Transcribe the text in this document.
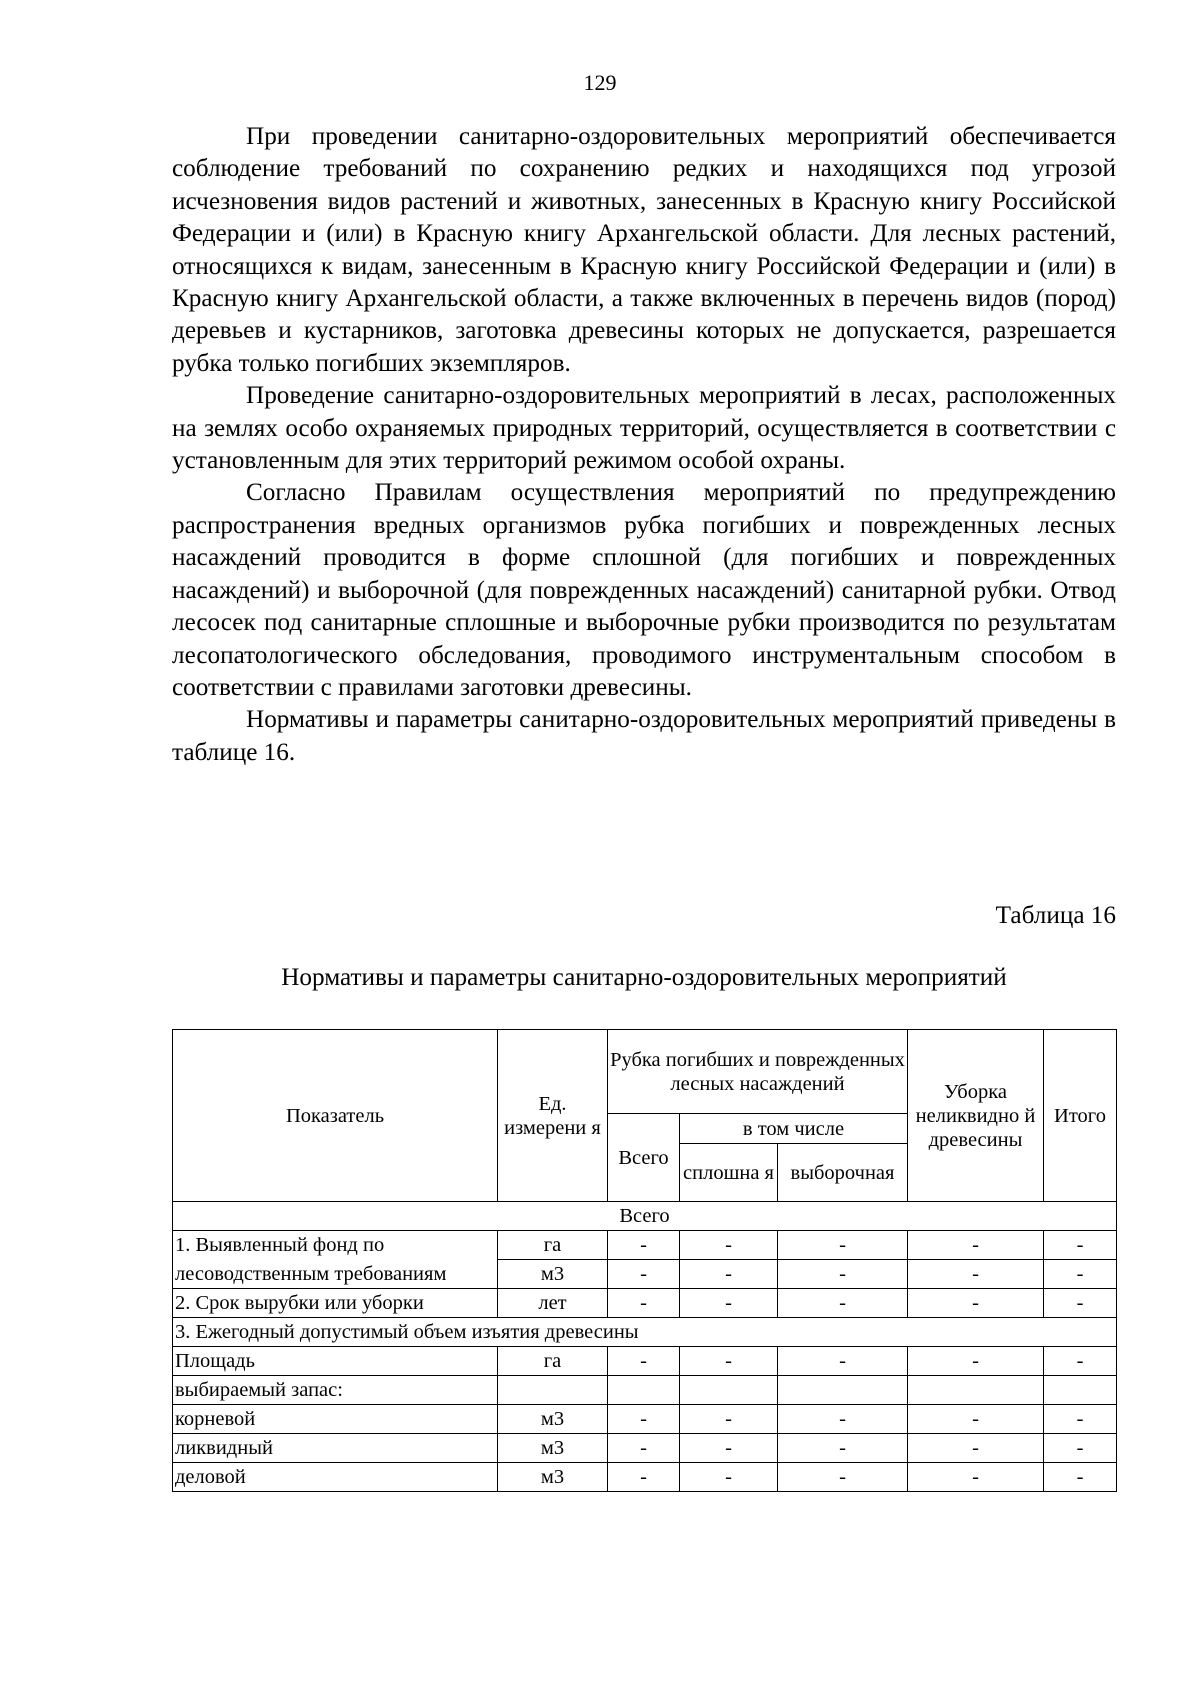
129

При проведении санитарно-оздоровительных мероприятий обеспечивается соблюдение требований по сохранению редких и находящихся под угрозой исчезновения видов растений и животных, занесенных в Красную книгу Российской Федерации и (или) в Красную книгу Архангельской области. Для лесных растений, относящихся к видам, занесенным в Красную книгу Российской Федерации и (или) в Красную книгу Архангельской области, а также включенных в перечень видов (пород) деревьев и кустарников, заготовка древесины которых не допускается, разрешается рубка только погибших экземпляров.

Проведение санитарно-оздоровительных мероприятий в лесах, расположенных на землях особо охраняемых природных территорий, осуществляется в соответствии с установленным для этих территорий режимом особой охраны.

Согласно Правилам осуществления мероприятий по предупреждению распространения вредных организмов рубка погибших и поврежденных лесных насаждений проводится в форме сплошной (для погибших и поврежденных насаждений) и выборочной (для поврежденных насаждений) санитарной рубки. Отвод лесосек под санитарные сплошные и выборочные рубки производится по результатам лесопатологического обследования, проводимого инструментальным способом в соответствии с правилами заготовки древесины.

Нормативы и параметры санитарно-оздоровительных мероприятий приведены в таблице 16.

Таблица 16
Нормативы и параметры санитарно-оздоровительных мероприятий
Показатель	Ед. измерени я	Рубка погибших и поврежденных лесных насаждений			Уборка неликвидно й древесины	Итого
		Всего	в том числе			
			сплошна я	выборочная		
Всего						
1. Выявленный фонд по	га	-	-	-	-	-
лесоводственным требованиям	м3	-	-	-	-	-
2. Срок вырубки или уборки	лет	-	-	-	-	-
3. Ежегодный допустимый объем изъятия древесины						
Площадь	га	-	-	-	-	-
выбираемый запас:						
корневой	м3	-	-	-	-	-
ликвидный	м3	-	-	-	-	-
деловой	м3	-	-	-	-	-
